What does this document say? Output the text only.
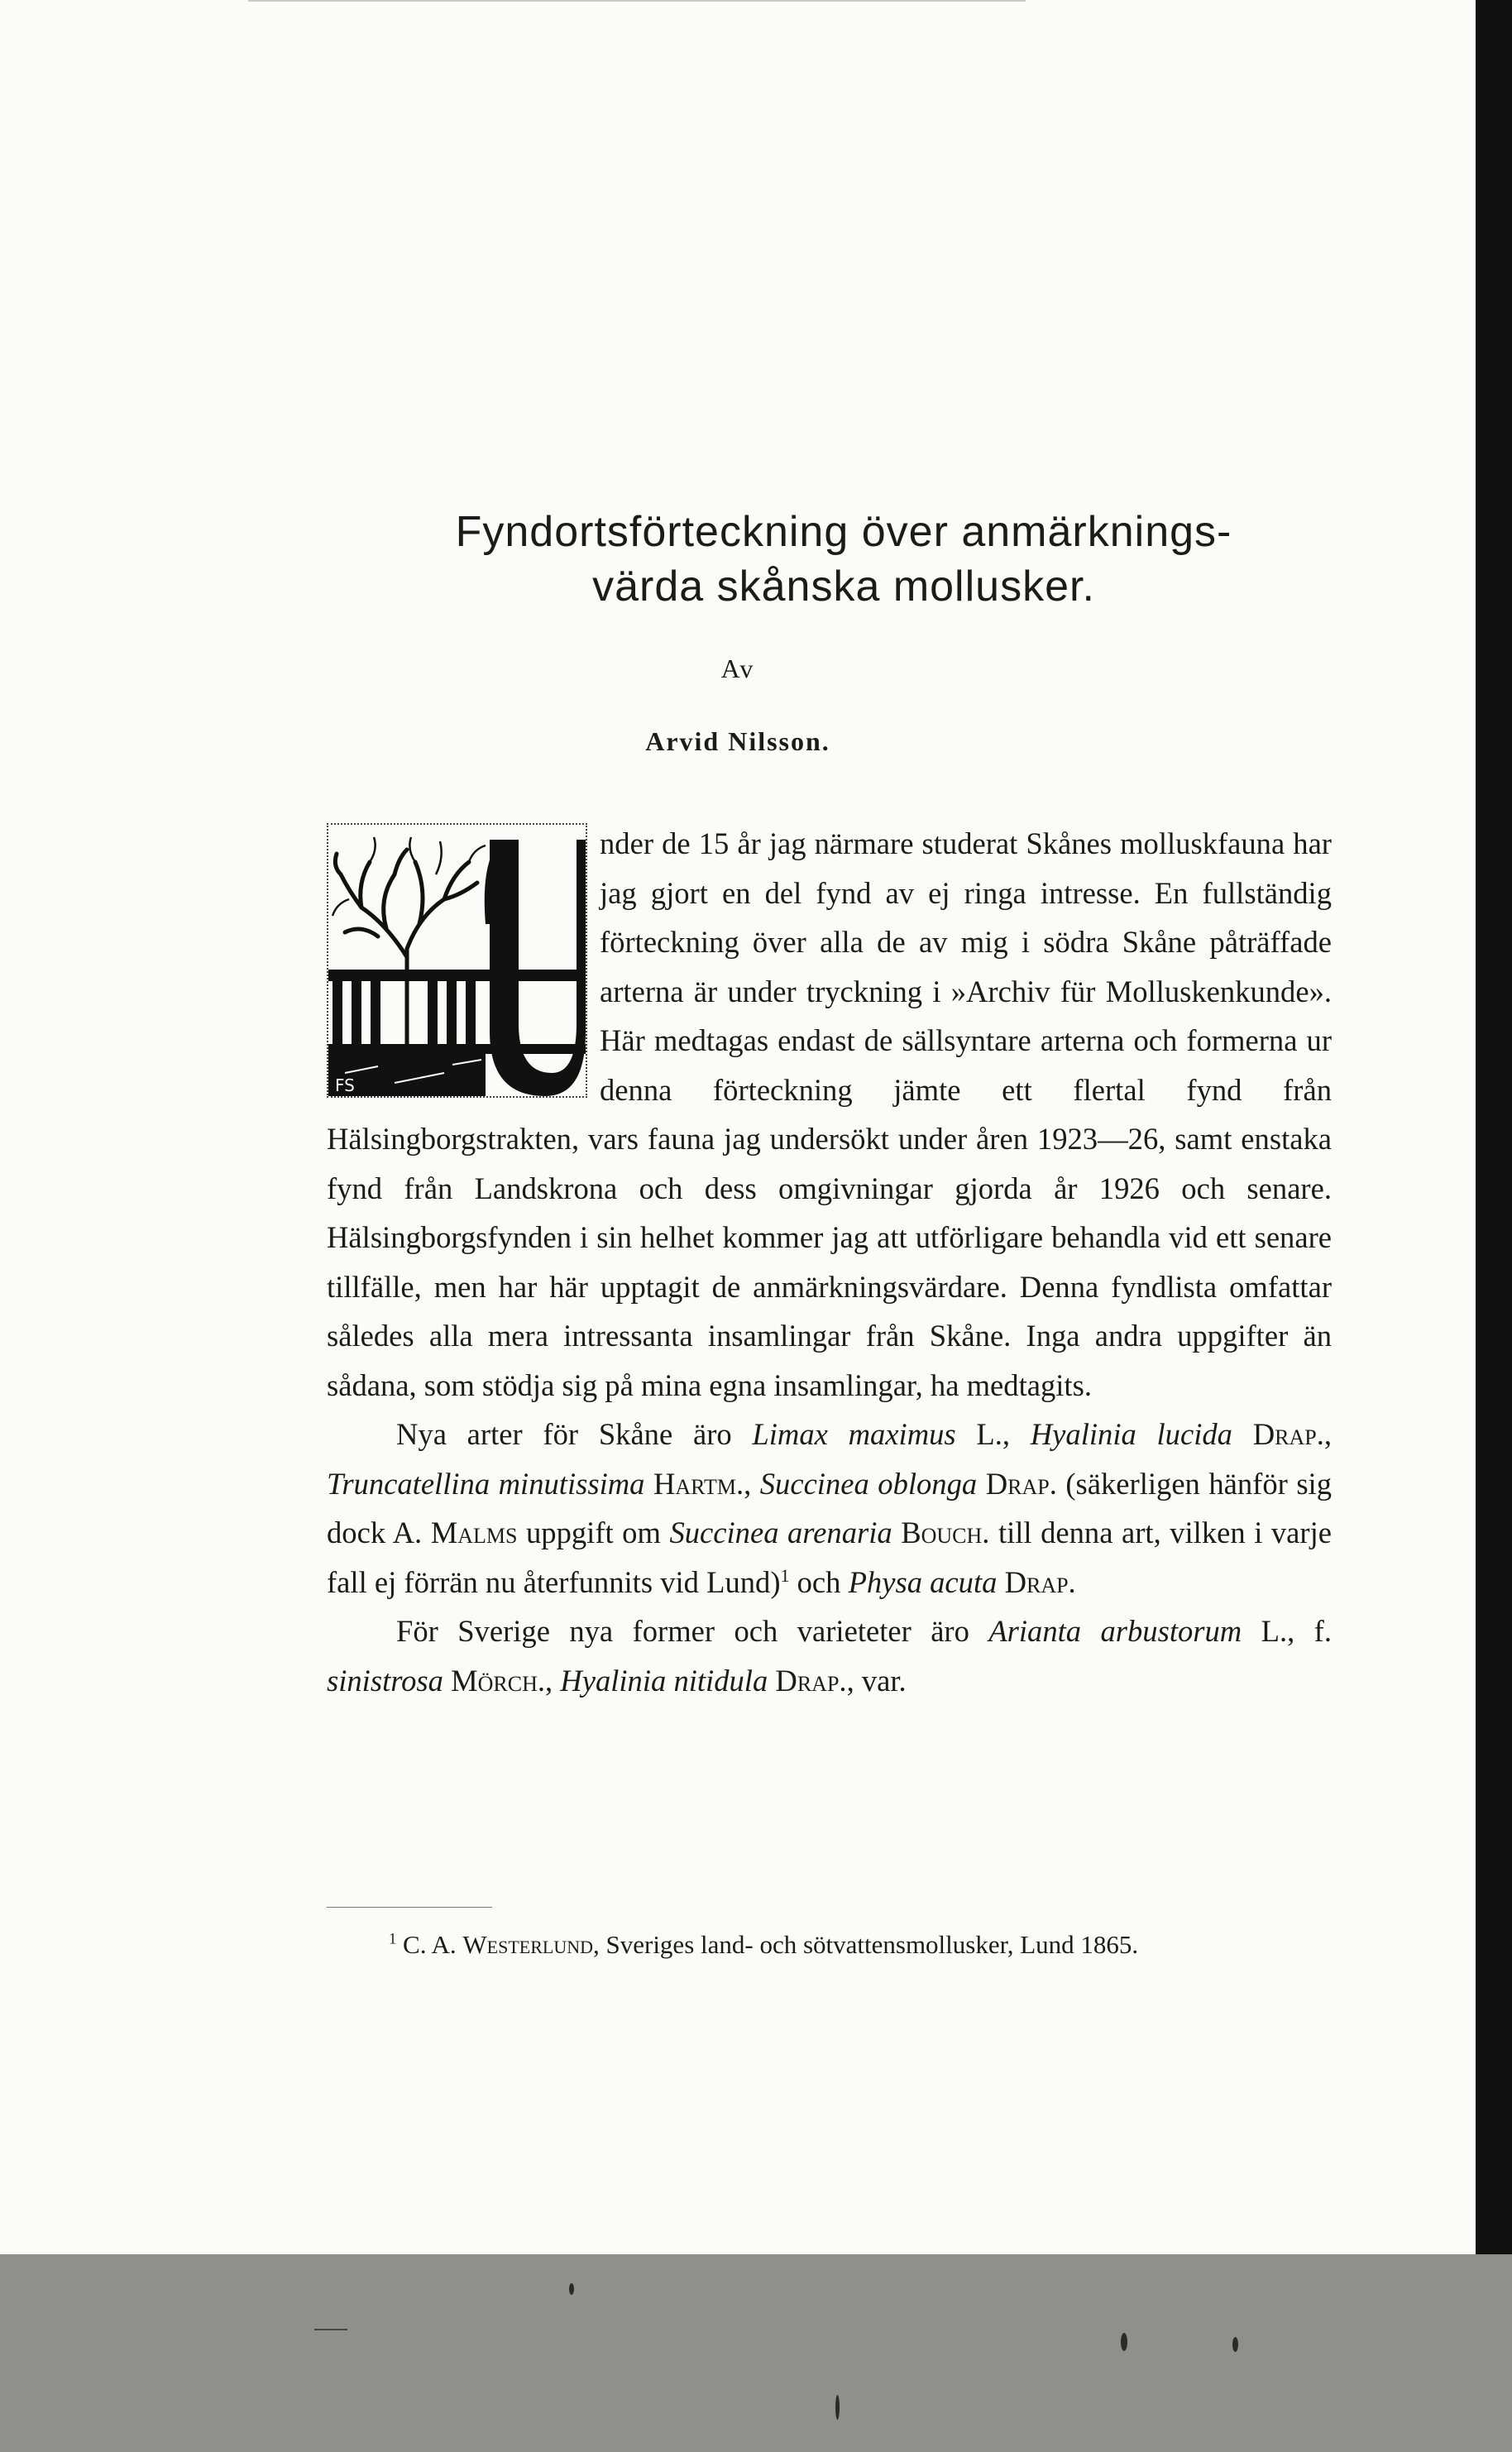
Fyndortsförteckning över anmärknings-
värda skånska mollusker.
Av
Arvid Nilsson.
FS

nder de 15 år jag närmare studerat Skånes molluskfauna har jag gjort en del fynd av ej ringa intresse. En fullständig förteckning över alla de av mig i södra Skåne påträffade arterna är under tryckning i »Archiv für Molluskenkunde». Här medtagas endast de sällsyntare arterna och formerna ur denna förteckning jämte ett flertal fynd från Hälsingborgstrakten, vars fauna jag undersökt under åren 1923—26, samt enstaka fynd från Landskrona och dess omgivningar gjorda år 1926 och senare. Hälsingborgsfynden i sin helhet kommer jag att utförligare behandla vid ett senare tillfälle, men har här upptagit de anmärkningsvärdare. Denna fyndlista omfattar således alla mera intressanta insamlingar från Skåne. Inga andra uppgifter än sådana, som stödja sig på mina egna insamlingar, ha medtagits.

Nya arter för Skåne äro Limax maximus L., Hyalinia lucida Drap., Truncatellina minutissima Hartm., Succinea oblonga Drap. (säkerligen hänför sig dock A. Malms uppgift om Succinea arenaria Bouch. till denna art, vilken i varje fall ej förrän nu återfunnits vid Lund)$^1$ och Physa acuta Drap.

För Sverige nya former och varieteter äro Arianta arbustorum L., f. sinistrosa Mörch., Hyalinia nitidula Drap., var.

$^1$ C. A. Westerlund, Sveriges land- och sötvattensmollusker, Lund 1865.
